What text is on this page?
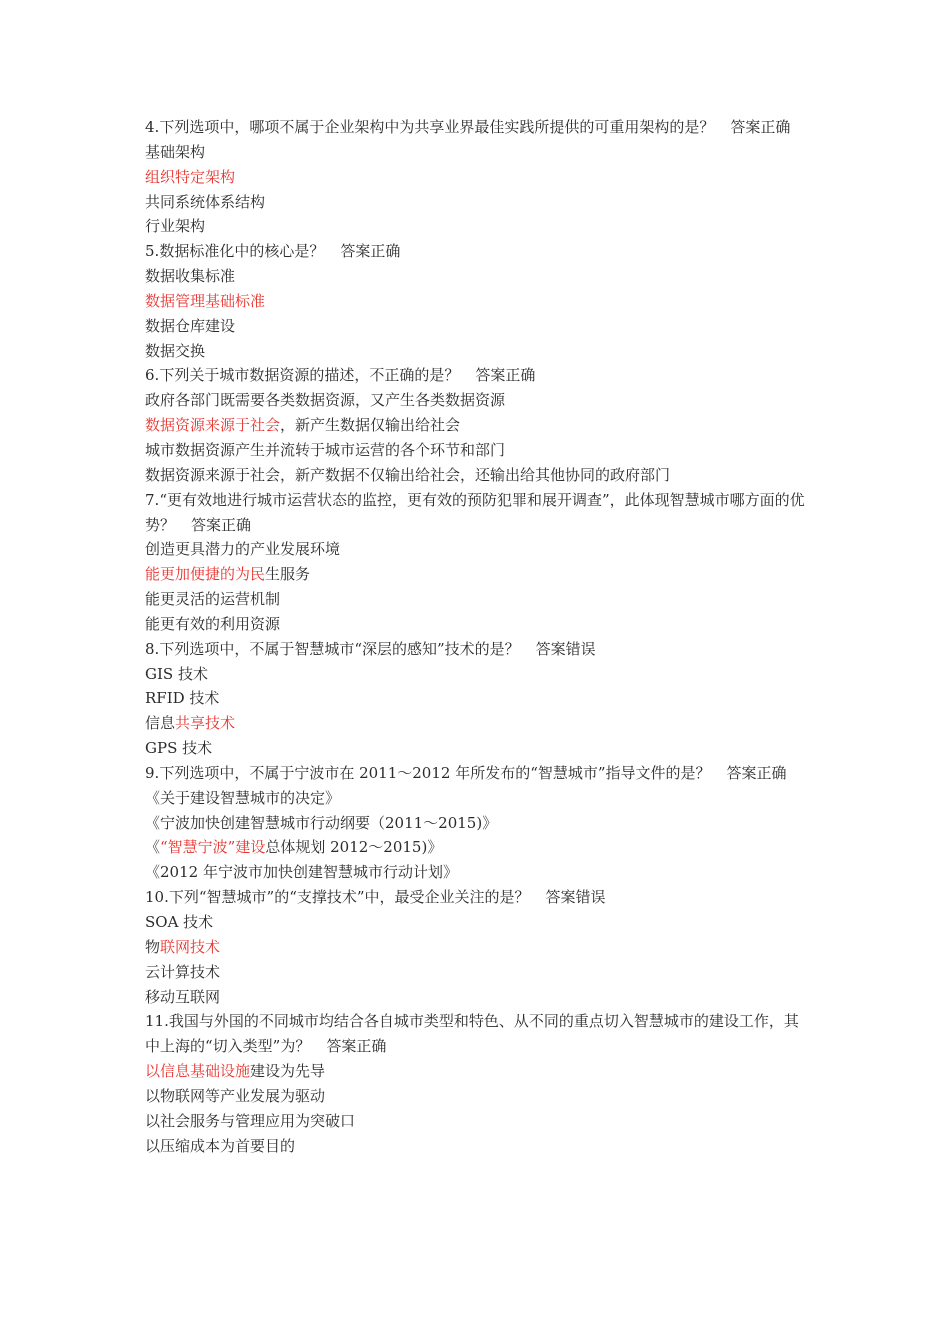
4.下列选项中，哪项不属于企业架构中为共享业界最佳实践所提供的可重用架构的是？ 答案正确
基础架构
组织特定架构
共同系统体系结构
行业架构
5.数据标准化中的核心是？ 答案正确
数据收集标准
数据管理基础标准
数据仓库建设
数据交换
6.下列关于城市数据资源的描述，不正确的是？ 答案正确
政府各部门既需要各类数据资源，又产生各类数据资源
数据资源来源于社会，新产生数据仅输出给社会
城市数据资源产生并流转于城市运营的各个环节和部门
数据资源来源于社会，新产数据不仅输出给社会，还输出给其他协同的政府部门
7.“更有效地进行城市运营状态的监控，更有效的预防犯罪和展开调查”，此体现智慧城市哪方面的优势？ 答案正确
创造更具潜力的产业发展环境
能更加便捷的为民生服务
能更灵活的运营机制
能更有效的利用资源
8.下列选项中，不属于智慧城市“深层的感知”技术的是？ 答案错误
GIS 技术
RFID 技术
信息共享技术
GPS 技术
9.下列选项中，不属于宁波市在 2011～2012 年所发布的“智慧城市”指导文件的是？ 答案正确
《关于建设智慧城市的决定》
《宁波加快创建智慧城市行动纲要（2011～2015)》
《“智慧宁波”建设总体规划 2012～2015)》
《2012 年宁波市加快创建智慧城市行动计划》
10.下列“智慧城市”的“支撑技术”中，最受企业关注的是？ 答案错误
SOA 技术
物联网技术
云计算技术
移动互联网
11.我国与外国的不同城市均结合各自城市类型和特色、从不同的重点切入智慧城市的建设工作，其中上海的“切入类型”为？ 答案正确
以信息基础设施建设为先导
以物联网等产业发展为驱动
以社会服务与管理应用为突破口
以压缩成本为首要目的
